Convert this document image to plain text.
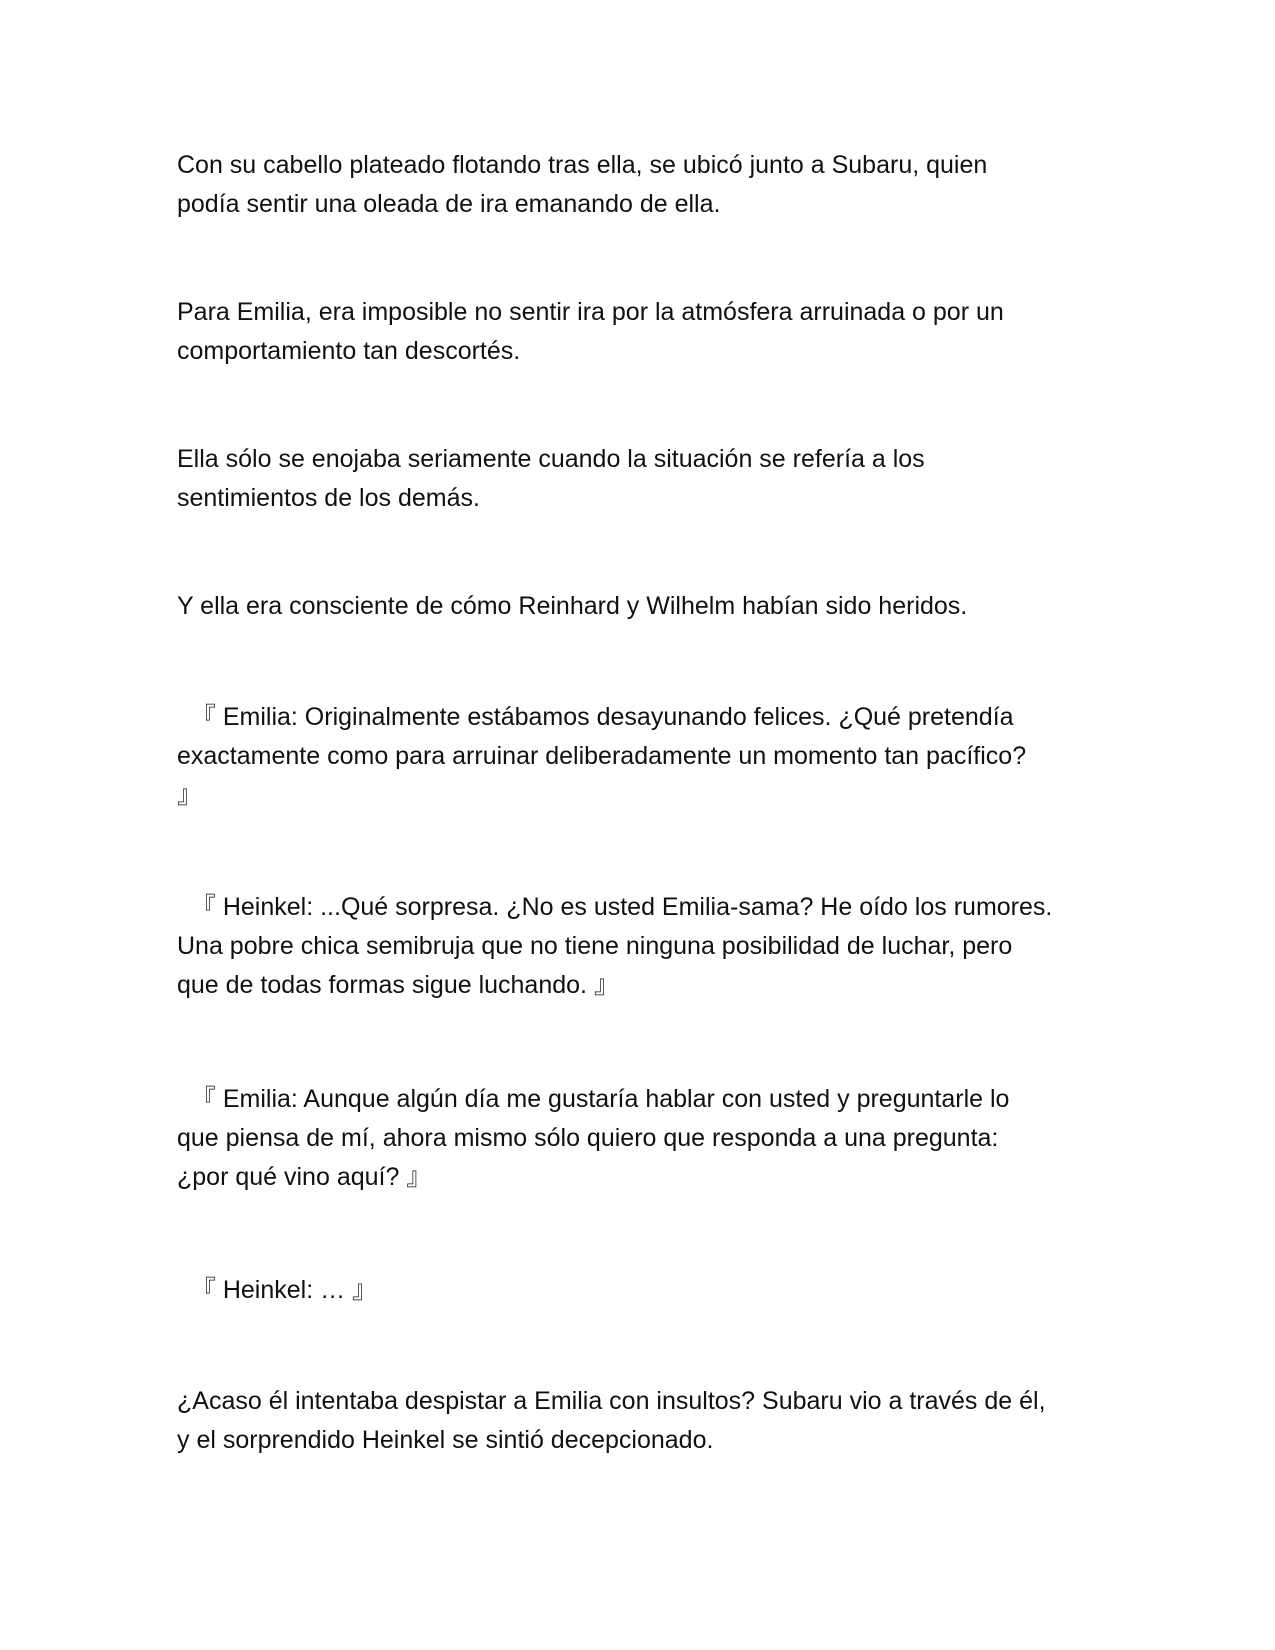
Con su cabello plateado flotando tras ella, se ubicó junto a Subaru, quien
podía sentir una oleada de ira emanando de ella.

Para Emilia, era imposible no sentir ira por la atmósfera arruinada o por un
comportamiento tan descortés.

Ella sólo se enojaba seriamente cuando la situación se refería a los
sentimientos de los demás.

Y ella era consciente de cómo Reinhard y Wilhelm habían sido heridos.

『 Emilia: Originalmente estábamos desayunando felices. ¿Qué pretendía
exactamente como para arruinar deliberadamente un momento tan pacífico?
』

『 Heinkel: ...Qué sorpresa. ¿No es usted Emilia-sama? He oído los rumores.
Una pobre chica semibruja que no tiene ninguna posibilidad de luchar, pero
que de todas formas sigue luchando. 』

『 Emilia: Aunque algún día me gustaría hablar con usted y preguntarle lo
que piensa de mí, ahora mismo sólo quiero que responda a una pregunta:
¿por qué vino aquí? 』

『 Heinkel: … 』

¿Acaso él intentaba despistar a Emilia con insultos? Subaru vio a través de él,
y el sorprendido Heinkel se sintió decepcionado.
